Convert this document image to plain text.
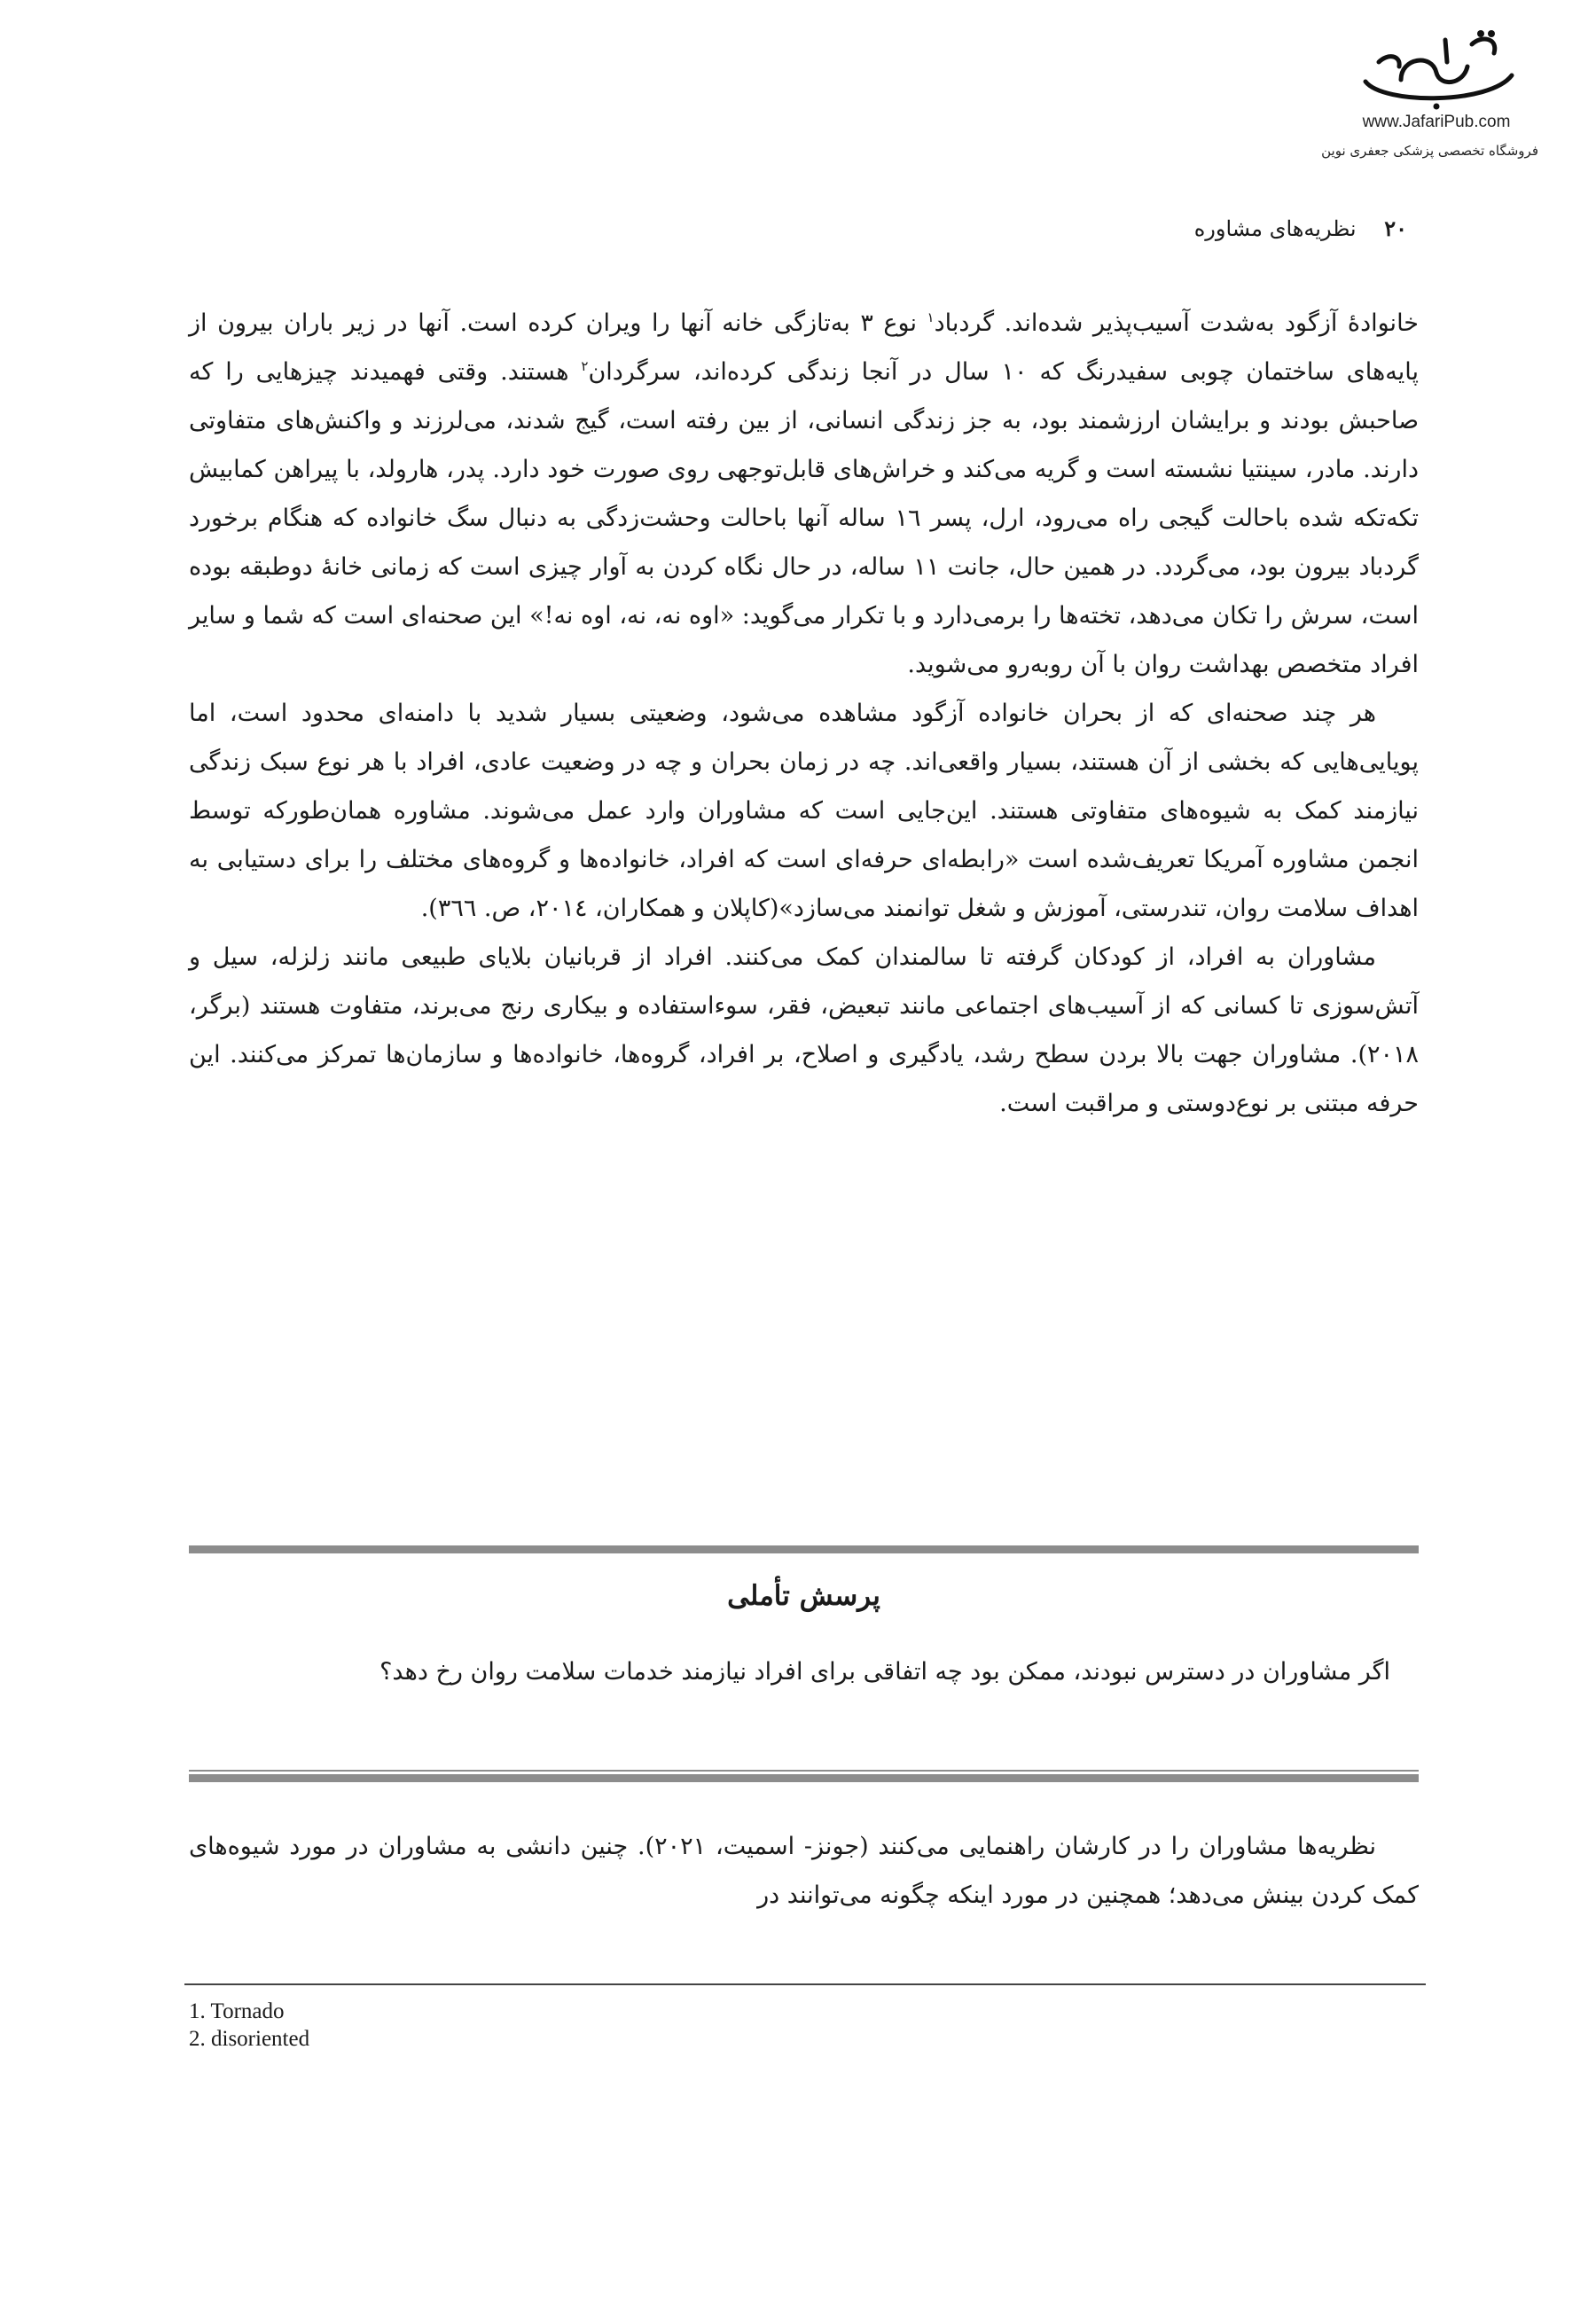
www.JafariPub.com
فروشگاه تخصصی پزشکی جعفری نوین
۲۰ نظریه‌های مشاوره

خانوادهٔ آزگود به‌شدت آسیب‌پذیر شده‌اند. گردباد$^۱$ نوع ۳ به‌تازگی خانه آنها را ویران کرده است. آنها در زیر باران بیرون از پایه‌های ساختمان چوبی سفیدرنگ که ۱۰ سال در آنجا زندگی کرده‌اند، سرگردان$^۲$ هستند. وقتی فهمیدند چیزهایی را که صاحبش بودند و برایشان ارزشمند بود، به جز زندگی انسانی، از بین رفته است، گیج شدند، می‌لرزند و واکنش‌های متفاوتی دارند. مادر، سینتیا نشسته است و گریه می‌کند و خراش‌های قابل‌توجهی روی صورت خود دارد. پدر، هارولد، با پیراهن کمابیش تکه‌تکه شده باحالت گیجی راه می‌رود، ارل، پسر ۱٦ ساله آنها باحالت وحشت‌زدگی به دنبال سگ خانواده که هنگام برخورد گردباد بیرون بود، می‌گردد. در همین حال، جانت ۱۱ ساله، در حال نگاه کردن به آوار چیزی است که زمانی خانهٔ دوطبقه بوده است، سرش را تکان می‌دهد، تخته‌ها را برمی‌دارد و با تکرار می‌گوید: «اوه نه، نه، اوه نه!» این صحنه‌ای است که شما و سایر افراد متخصص بهداشت روان با آن روبه‌رو می‌شوید.

هر چند صحنه‌ای که از بحران خانواده آزگود مشاهده می‌شود، وضعیتی بسیار شدید با دامنه‌ای محدود است، اما پویایی‌هایی که بخشی از آن هستند، بسیار واقعی‌اند. چه در زمان بحران و چه در وضعیت عادی، افراد با هر نوع سبک زندگی نیازمند کمک به شیوه‌های متفاوتی هستند. این‌جایی است که مشاوران وارد عمل می‌شوند. مشاوره همان‌طورکه توسط انجمن مشاوره آمریکا تعریف‌شده است «رابطه‌ای حرفه‌ای است که افراد، خانواده‌ها و گروه‌های مختلف را برای دستیابی به اهداف سلامت روان، تندرستی، آموزش و شغل توانمند می‌سازد»(کاپلان و همکاران، ۲۰۱٤، ص. ۳٦٦).

مشاوران به افراد، از کودکان گرفته تا سالمندان کمک می‌کنند. افراد از قربانیان بلایای طبیعی مانند زلزله، سیل و آتش‌سوزی تا کسانی که از آسیب‌های اجتماعی مانند تبعیض، فقر، سوءاستفاده و بیکاری رنج می‌برند، متفاوت هستند (برگر، ۲۰۱۸). مشاوران جهت بالا بردن سطح رشد، یادگیری و اصلاح، بر افراد، گروه‌ها، خانواده‌ها و سازمان‌ها تمرکز می‌کنند. این حرفه مبتنی بر نوع‌دوستی و مراقبت است.

پرسش تأملی
اگر مشاوران در دسترس نبودند، ممکن بود چه اتفاقی برای افراد نیازمند خدمات سلامت روان رخ دهد؟

نظریه‌ها مشاوران را در کارشان راهنمایی می‌کنند (جونز- اسمیت، ۲۰۲۱). چنین دانشی به مشاوران در مورد شیوه‌های کمک کردن بینش می‌دهد؛ همچنین در مورد اینکه چگونه می‌توانند در

1. Tornado
2. disoriented
